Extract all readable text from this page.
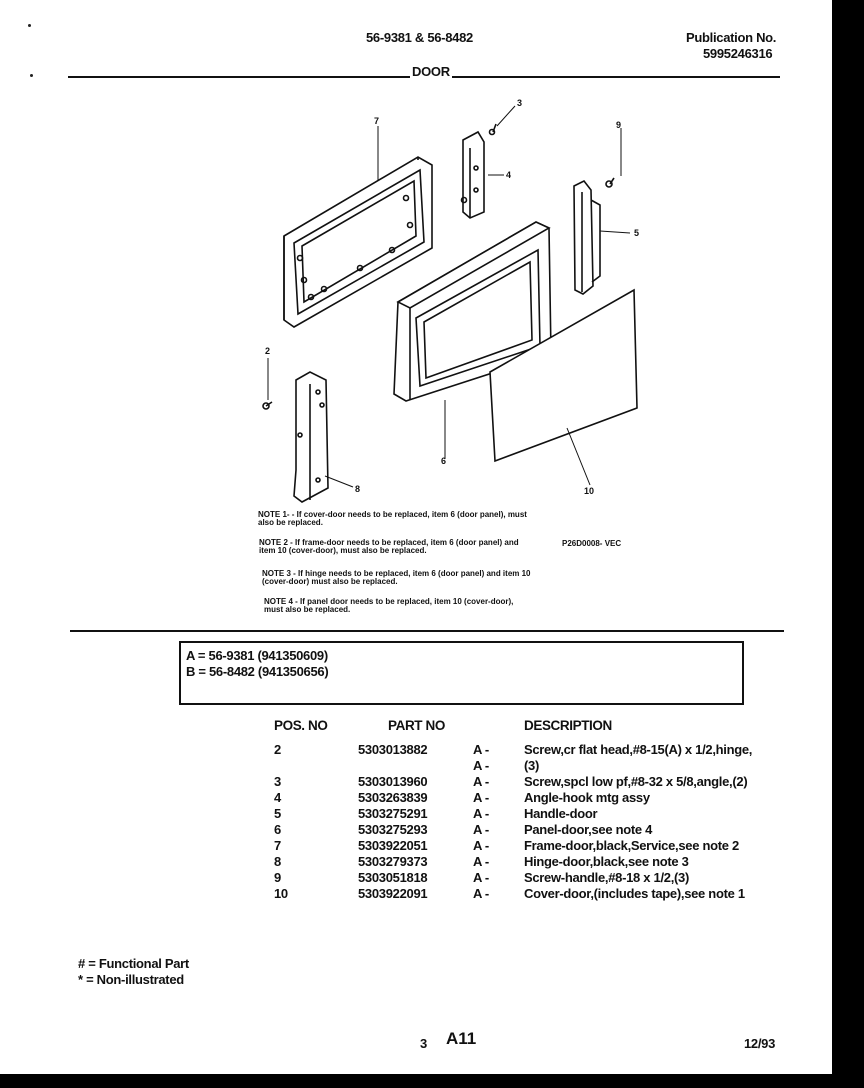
56-9381 & 56-8482	Publication No.
5995246316
DOOR
7
3
4
9
5
2
6
8	10
NOTE 1- - If cover-door needs to be replaced, item 6 (door panel), must also be replaced.
NOTE 2 - If frame-door needs to be replaced, item 6 (door panel) and item 10 (cover-door), must also be replaced.
NOTE 3 - If hinge needs to be replaced, item 6 (door panel) and item 10 (cover-door) must also be replaced.
NOTE 4 - If panel door needs to be replaced, item 10 (cover-door), must also be replaced.
P26D0008- VEC
A = 56-9381 (941350609)
B = 56-8482 (941350656)
POS. NO	PART NO	DESCRIPTION
2	5303013882	A -	Screw,cr flat head,#8-15(A) x 1/2,hinge,
A -	(3)
3	5303013960	A -	Screw,spcl low pf,#8-32 x 5/8,angle,(2)
4	5303263839	A -	Angle-hook mtg assy
5	5303275291	A -	Handle-door
6	5303275293	A -	Panel-door,see note 4
7	5303922051	A -	Frame-door,black,Service,see note 2
8	5303279373	A -	Hinge-door,black,see note 3
9	5303051818	A -	Screw-handle,#8-18 x 1/2,(3)
10	5303922091	A -	Cover-door,(includes tape),see note 1
# = Functional Part
* = Non-illustrated
3 A11	12/93
